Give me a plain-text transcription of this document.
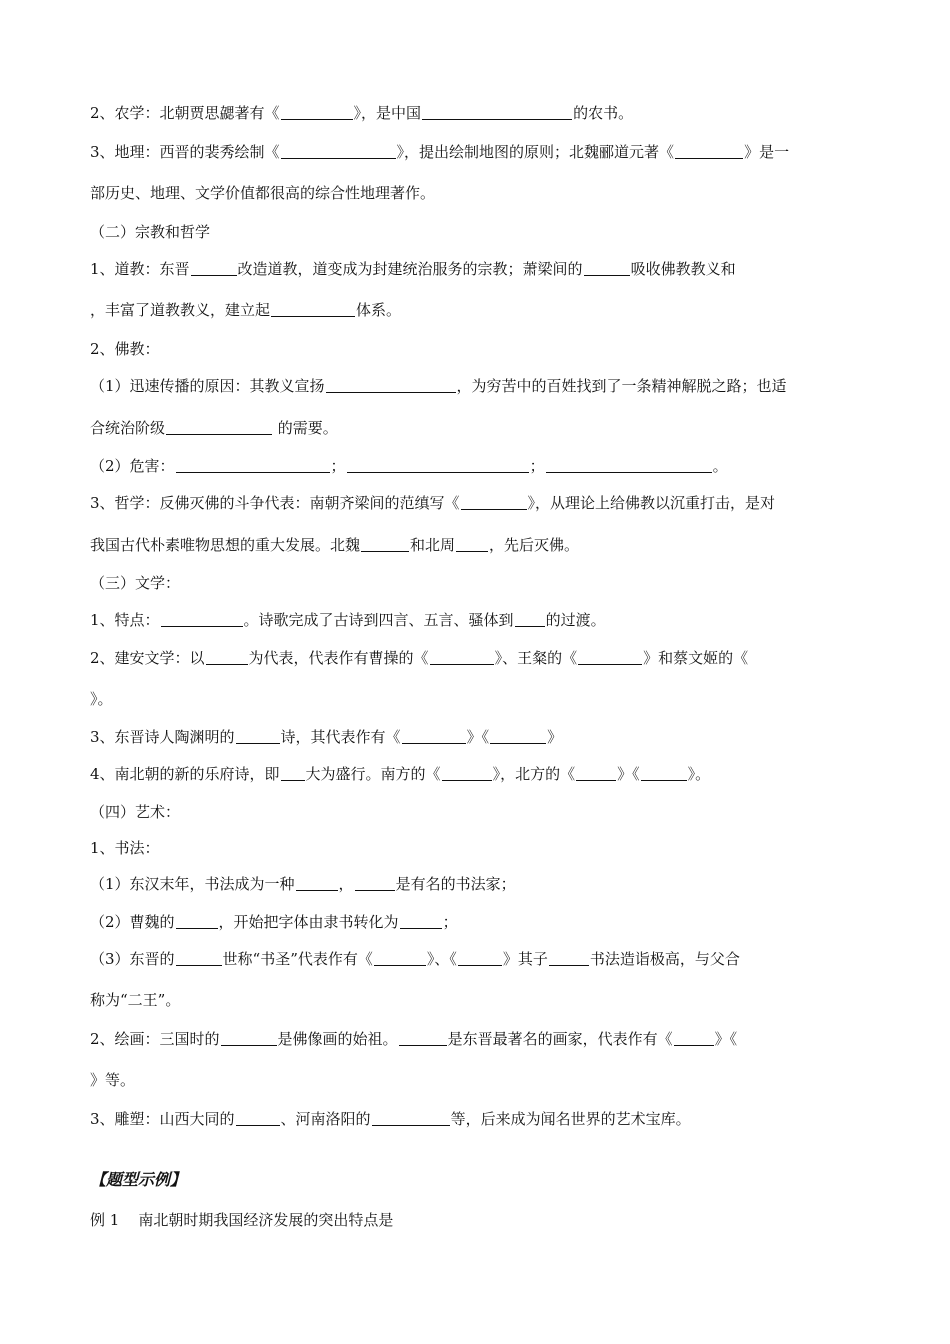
2、农学：北朝贾思勰著有《	》，是中国	的农书。
3、地理：西晋的裴秀绘制《	》，提出绘制地图的原则；北魏郦道元著《	》是一
部历史、地理、文学价值都很高的综合性地理著作。
（二）宗教和哲学
1、道教：东晋	改造道教，道变成为封建统治服务的宗教；萧梁间的	吸收佛教教义和
，丰富了道教教义，建立起	体系。
2、佛教：
（1）迅速传播的原因：其教义宣扬	，为穷苦中的百姓找到了一条精神解脱之路；也适
合统治阶级	的需要。
（2）危害：	；	；	。
3、哲学：反佛灭佛的斗争代表：南朝齐梁间的范缜写《	》，从理论上给佛教以沉重打击，是对
我国古代朴素唯物思想的重大发展。北魏	和北周 ，先后灭佛。
（三）文学：
1、特点：	。诗歌完成了古诗到四言、五言、骚体到 的过渡。
2、建安文学：以	为代表，代表作有曹操的《	》、王粲的《	》和蔡文姬的《
》。
3、东晋诗人陶渊明的	诗，其代表作有《	》《	》
4、南北朝的新的乐府诗，即 大为盛行。南方的《	》，北方的《	》《	》。
（四）艺术：
1、书法：
（1）东汉末年，书法成为一种	，	是有名的书法家；
（2）曹魏的	，开始把字体由隶书转化为	；
（3）东晋的	世称“书圣”代表作有《	》、《	》其子	书法造诣极高，与父合
称为“二王”。
2、绘画：三国时的	是佛像画的始祖。	是东晋最著名的画家，代表作有《	》《
》等。
3、雕塑：山西大同的	、河南洛阳的	等，后来成为闻名世界的艺术宝库。
【题型示例】
例 1    南北朝时期我国经济发展的突出特点是
